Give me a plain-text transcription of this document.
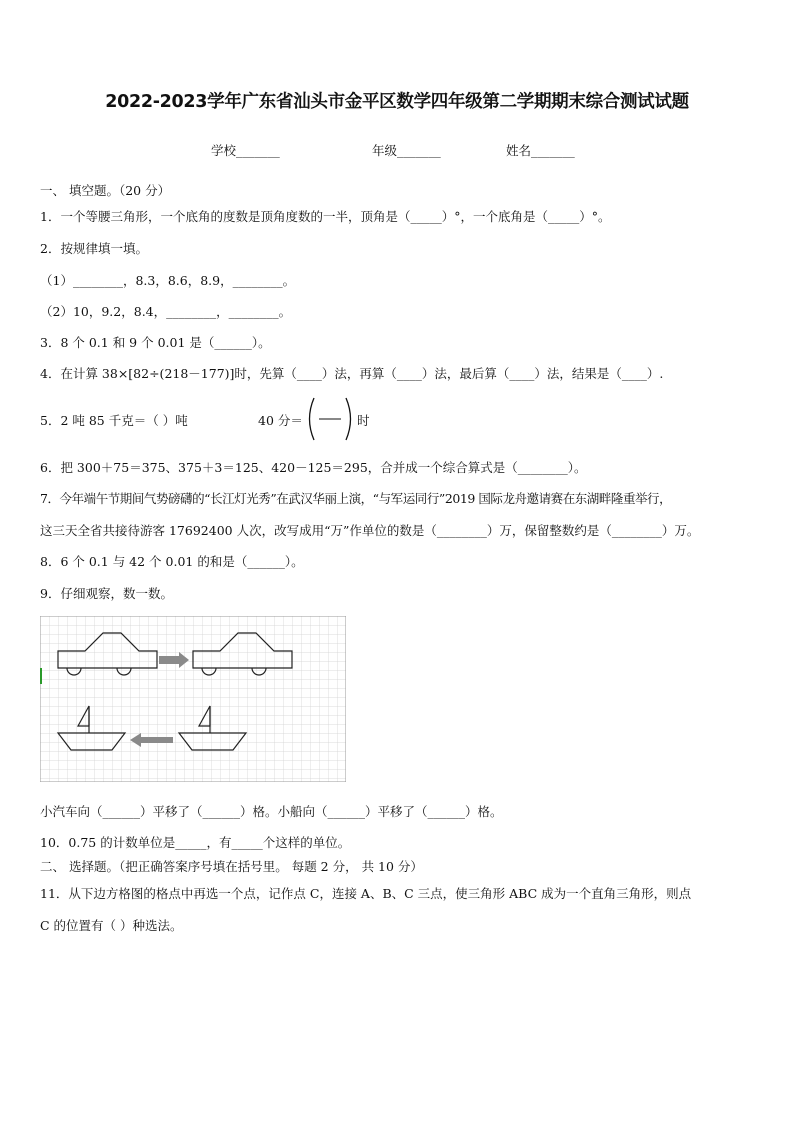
2022-2023学年广东省汕头市金平区数学四年级第二学期期末综合测试试题
学校_______	年级_______	姓名_______
一、 填空题。（20 分）
1．一个等腰三角形，一个底角的度数是顶角度数的一半，顶角是（_____）°，一个底角是（_____）°。
2．按规律填一填。
（1）________，8.3，8.6，8.9，________。
（2）10，9.2，8.4，________，________。
3．8 个 0.1 和 9 个 0.01 是（______）。
4．在计算 38×[82÷(218－177)]时，先算（____）法，再算（____）法，最后算（____）法，结果是（____）.
5．2 吨 85 千克＝（ ）吨	40 分＝	时
6．把 300＋75＝375、375＋3＝125、420－125＝295，合并成一个综合算式是（________）。
7．今年端午节期间气势磅礴的“长江灯光秀”在武汉华丽上演，“与军运同行”2019 国际龙舟邀请赛在东湖畔隆重举行，
这三天全省共接待游客 17692400 人次，改写成用“万”作单位的数是（________）万，保留整数约是（________）万。
8．6 个 0.1 与 42 个 0.01 的和是（______）。
9．仔细观察，数一数。
小汽车向（______）平移了（______）格。小船向（______）平移了（______）格。
10．0.75 的计数单位是_____，有_____个这样的单位。
二、 选择题。（把正确答案序号填在括号里。 每题 2 分， 共 10 分）
11．从下边方格图的格点中再选一个点，记作点 C，连接 A、B、C 三点，使三角形 ABC 成为一个直角三角形，则点
C 的位置有（ ）种选法。
